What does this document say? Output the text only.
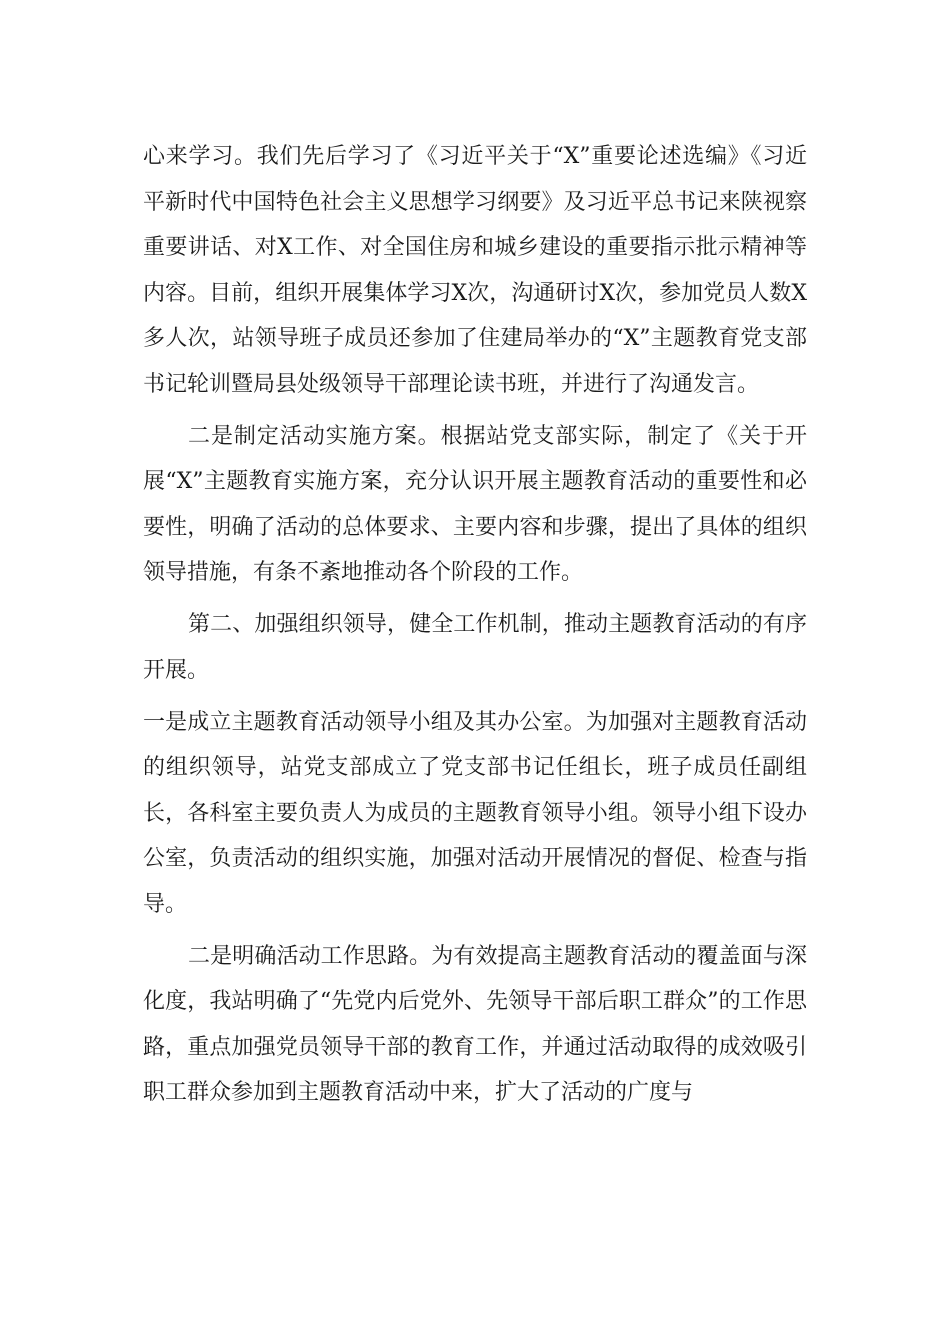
心来学习。我们先后学习了《习近平关于“X”重要论述选编》《习近平新时代中国特色社会主义思想学习纲要》及习近平总书记来陕视察重要讲话、对X工作、对全国住房和城乡建设的重要指示批示精神等内容。目前，组织开展集体学习X次，沟通研讨X次，参加党员人数X多人次，站领导班子成员还参加了住建局举办的“X”主题教育党支部书记轮训暨局县处级领导干部理论读书班，并进行了沟通发言。

二是制定活动实施方案。根据站党支部实际，制定了《关于开展“X”主题教育实施方案，充分认识开展主题教育活动的重要性和必要性，明确了活动的总体要求、主要内容和步骤，提出了具体的组织领导措施，有条不紊地推动各个阶段的工作。

第二、加强组织领导，健全工作机制，推动主题教育活动的有序开展。

一是成立主题教育活动领导小组及其办公室。为加强对主题教育活动的组织领导，站党支部成立了党支部书记任组长，班子成员任副组长，各科室主要负责人为成员的主题教育领导小组。领导小组下设办公室，负责活动的组织实施，加强对活动开展情况的督促、检查与指导。

二是明确活动工作思路。为有效提高主题教育活动的覆盖面与深化度，我站明确了“先党内后党外、先领导干部后职工群众”的工作思路，重点加强党员领导干部的教育工作，并通过活动取得的成效吸引职工群众参加到主题教育活动中来，扩大了活动的广度与
